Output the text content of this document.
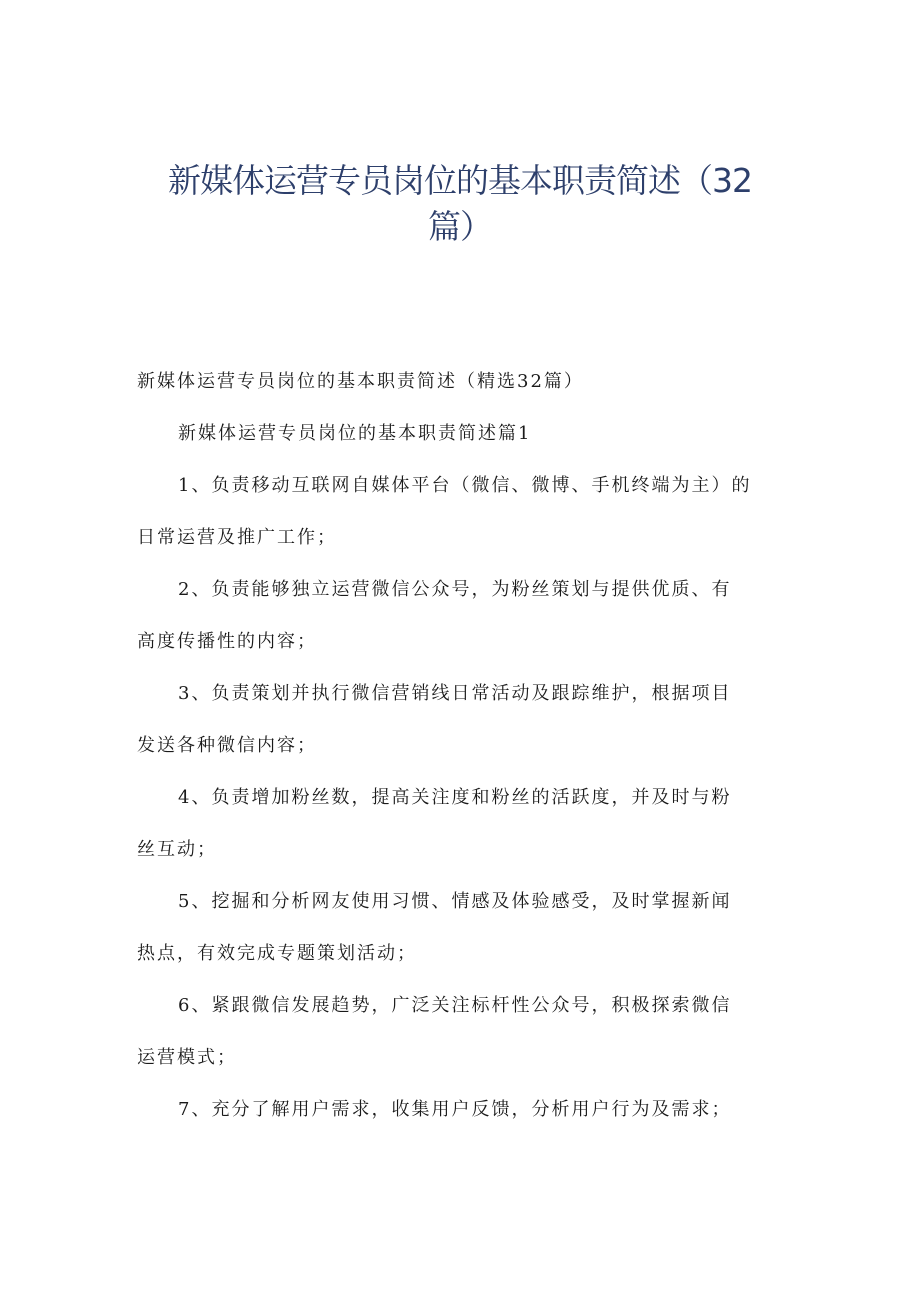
新媒体运营专员岗位的基本职责简述（32
篇）

新媒体运营专员岗位的基本职责简述（精选32篇）

新媒体运营专员岗位的基本职责简述篇1

1、负责移动互联网自媒体平台（微信、微博、手机终端为主）的

日常运营及推广工作；

2、负责能够独立运营微信公众号，为粉丝策划与提供优质、有

高度传播性的内容；

3、负责策划并执行微信营销线日常活动及跟踪维护，根据项目

发送各种微信内容；

4、负责增加粉丝数，提高关注度和粉丝的活跃度，并及时与粉

丝互动；

5、挖掘和分析网友使用习惯、情感及体验感受，及时掌握新闻

热点，有效完成专题策划活动；

6、紧跟微信发展趋势，广泛关注标杆性公众号，积极探索微信

运营模式；

7、充分了解用户需求，收集用户反馈，分析用户行为及需求；
